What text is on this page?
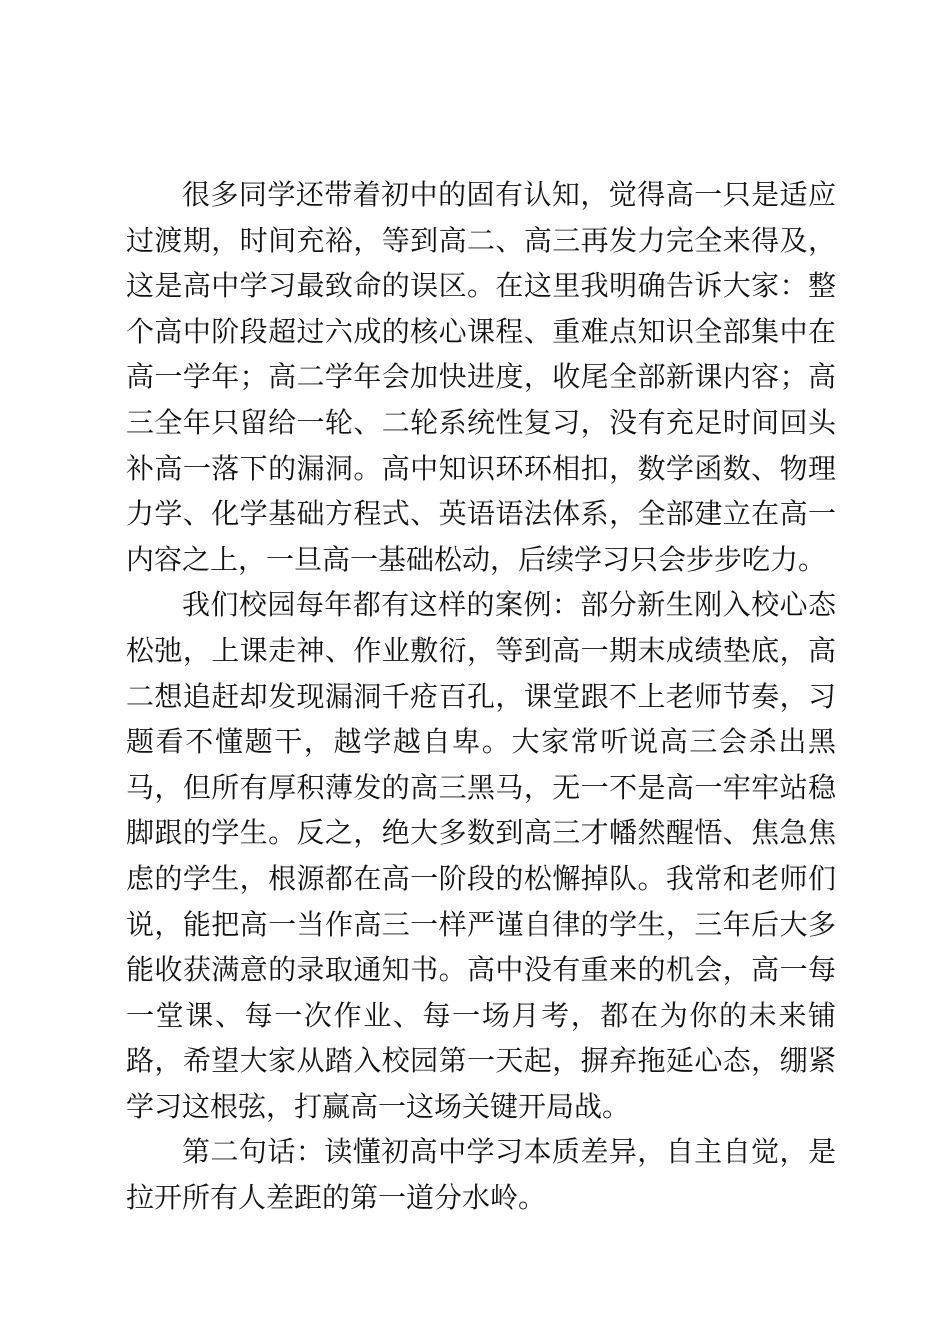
很多同学还带着初中的固有认知，觉得高一只是适应过渡期，时间充裕，等到高二、高三再发力完全来得及，这是高中学习最致命的误区。在这里我明确告诉大家：整个高中阶段超过六成的核心课程、重难点知识全部集中在高一学年；高二学年会加快进度，收尾全部新课内容；高三全年只留给一轮、二轮系统性复习，没有充足时间回头补高一落下的漏洞。高中知识环环相扣，数学函数、物理力学、化学基础方程式、英语语法体系，全部建立在高一内容之上，一旦高一基础松动，后续学习只会步步吃力。

我们校园每年都有这样的案例：部分新生刚入校心态松弛，上课走神、作业敷衍，等到高一期末成绩垫底，高二想追赶却发现漏洞千疮百孔，课堂跟不上老师节奏，习题看不懂题干，越学越自卑。大家常听说高三会杀出黑马，但所有厚积薄发的高三黑马，无一不是高一牢牢站稳脚跟的学生。反之，绝大多数到高三才幡然醒悟、焦急焦虑的学生，根源都在高一阶段的松懈掉队。我常和老师们说，能把高一当作高三一样严谨自律的学生，三年后大多能收获满意的录取通知书。高中没有重来的机会，高一每一堂课、每一次作业、每一场月考，都在为你的未来铺路，希望大家从踏入校园第一天起，摒弃拖延心态，绷紧学习这根弦，打赢高一这场关键开局战。

第二句话：读懂初高中学习本质差异，自主自觉，是拉开所有人差距的第一道分水岭。
